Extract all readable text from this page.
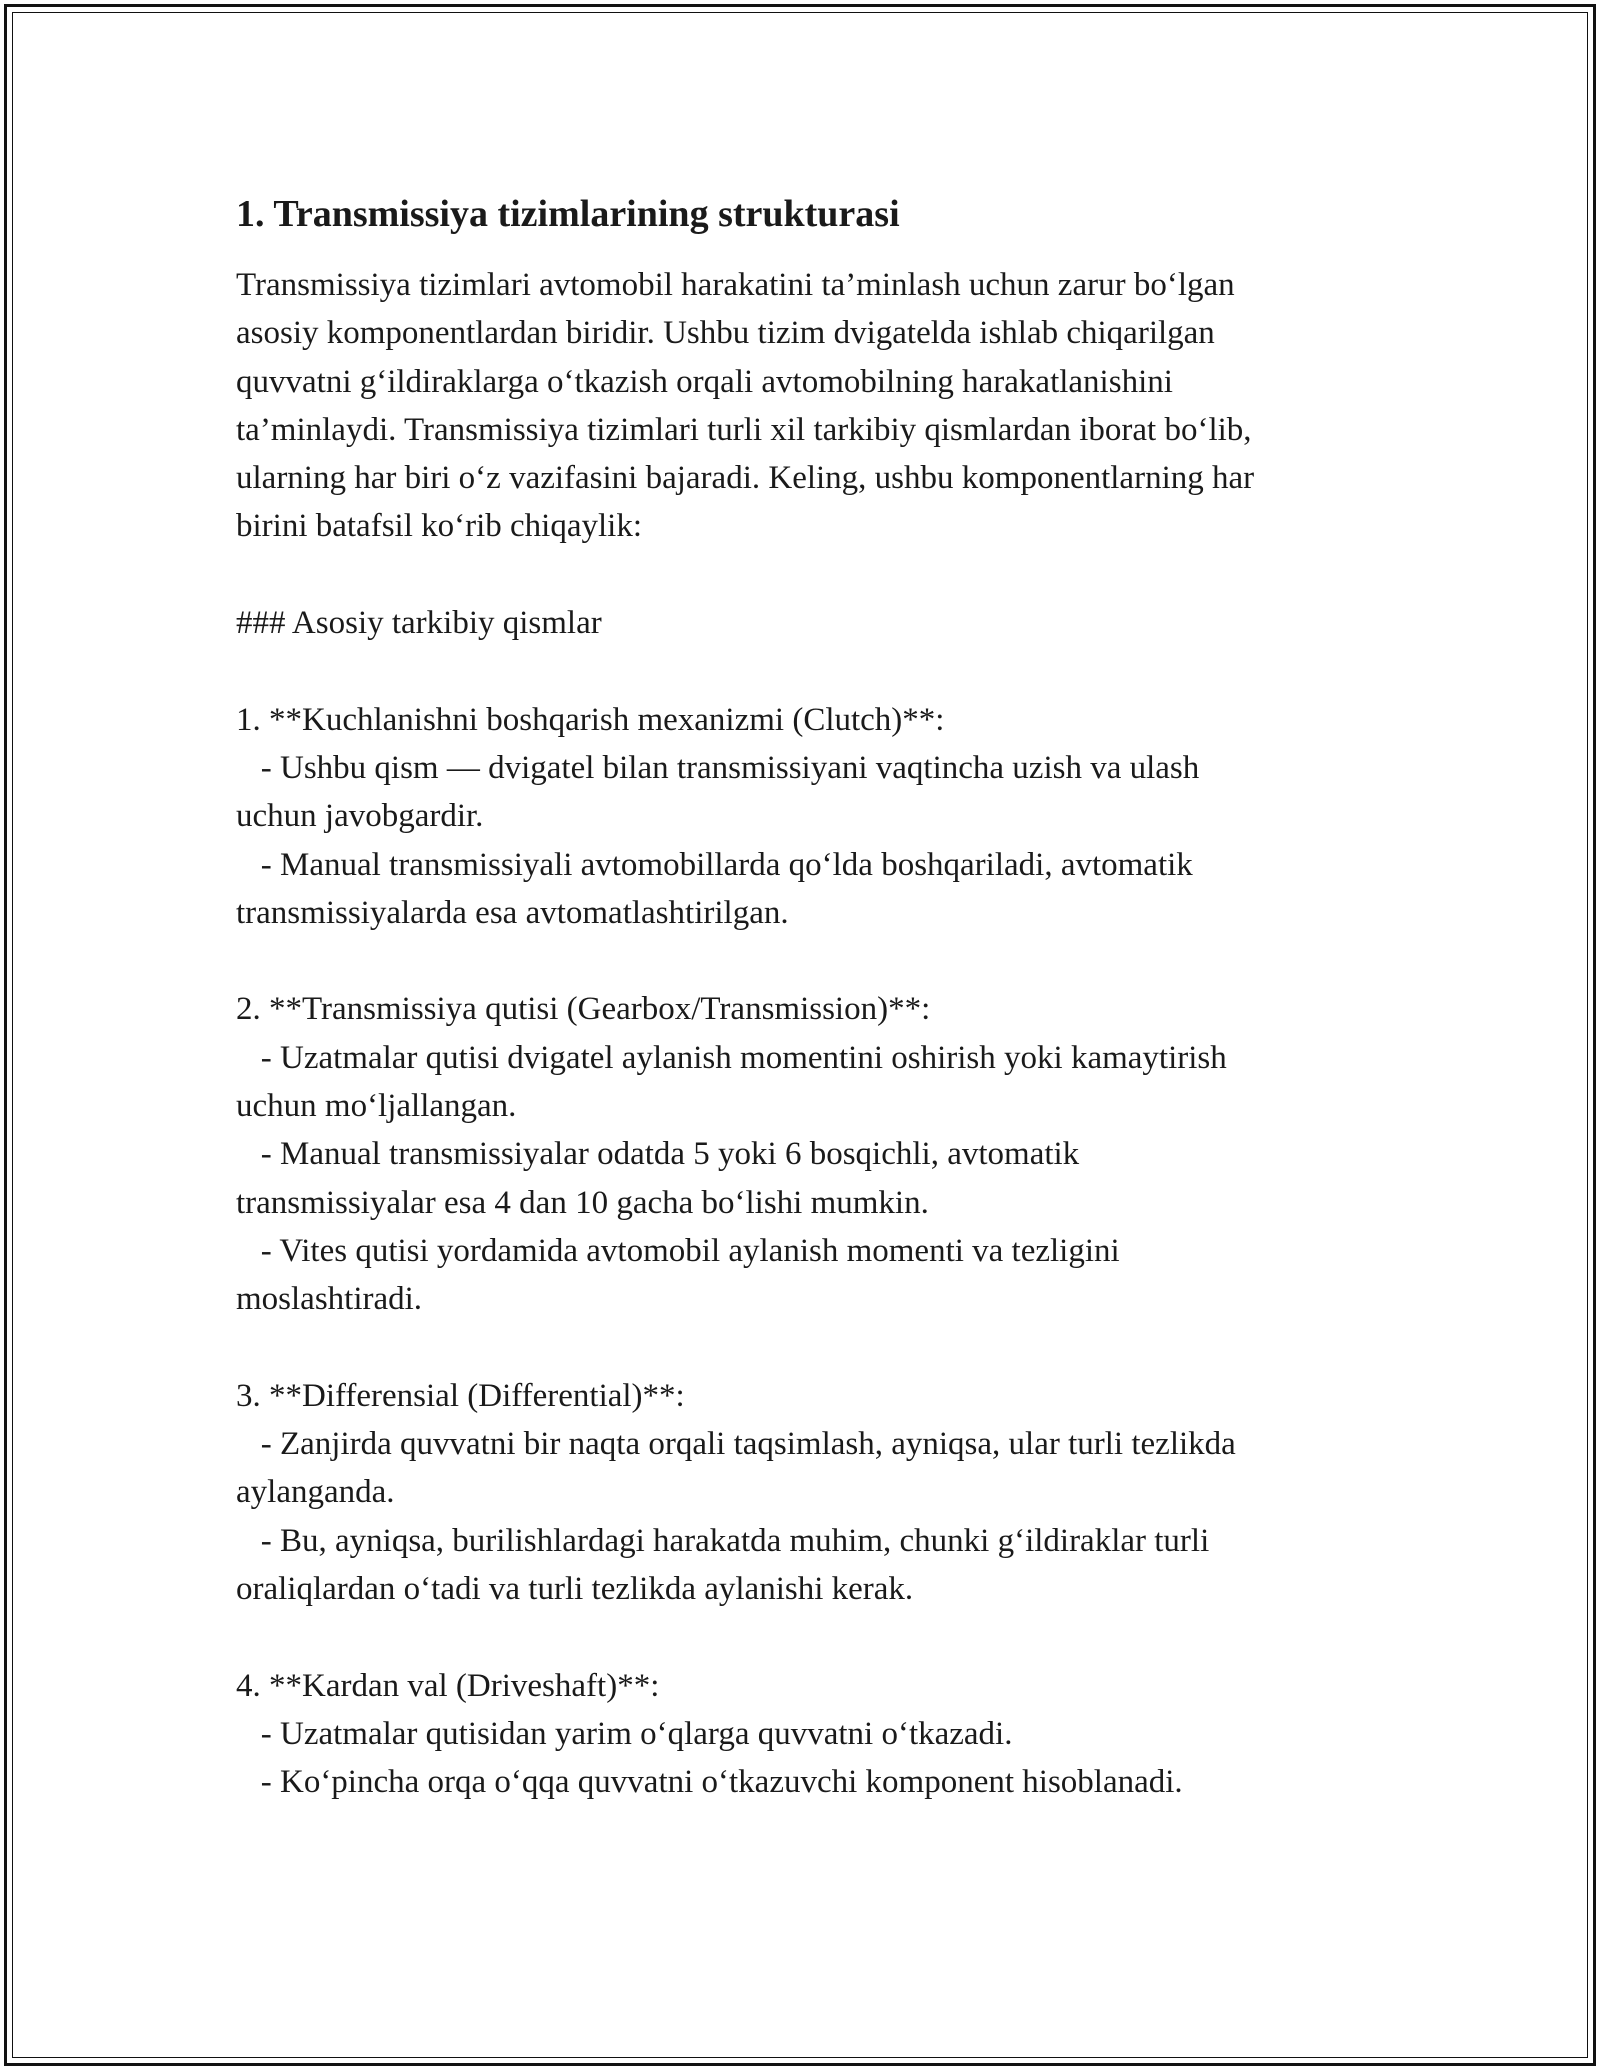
1. Transmissiya tizimlarining strukturasi
Transmissiya tizimlari avtomobil harakatini ta’minlash uchun zarur bo‘lgan
asosiy komponentlardan biridir. Ushbu tizim dvigatelda ishlab chiqarilgan
quvvatni g‘ildiraklarga o‘tkazish orqali avtomobilning harakatlanishini
ta’minlaydi. Transmissiya tizimlari turli xil tarkibiy qismlardan iborat bo‘lib,
ularning har biri o‘z vazifasini bajaradi. Keling, ushbu komponentlarning har
birini batafsil ko‘rib chiqaylik:
### Asosiy tarkibiy qismlar
1. **Kuchlanishni boshqarish mexanizmi (Clutch)**:
- Ushbu qism — dvigatel bilan transmissiyani vaqtincha uzish va ulash
uchun javobgardir.
- Manual transmissiyali avtomobillarda qo‘lda boshqariladi, avtomatik
transmissiyalarda esa avtomatlashtirilgan.
2. **Transmissiya qutisi (Gearbox/Transmission)**:
- Uzatmalar qutisi dvigatel aylanish momentini oshirish yoki kamaytirish
uchun mo‘ljallangan.
- Manual transmissiyalar odatda 5 yoki 6 bosqichli, avtomatik
transmissiyalar esa 4 dan 10 gacha bo‘lishi mumkin.
- Vites qutisi yordamida avtomobil aylanish momenti va tezligini
moslashtiradi.
3. **Differensial (Differential)**:
- Zanjirda quvvatni bir naqta orqali taqsimlash, ayniqsa, ular turli tezlikda
aylanganda.
- Bu, ayniqsa, burilishlardagi harakatda muhim, chunki g‘ildiraklar turli
oraliqlardan o‘tadi va turli tezlikda aylanishi kerak.
4. **Kardan val (Driveshaft)**:
- Uzatmalar qutisidan yarim o‘qlarga quvvatni o‘tkazadi.
- Ko‘pincha orqa o‘qqa quvvatni o‘tkazuvchi komponent hisoblanadi.
